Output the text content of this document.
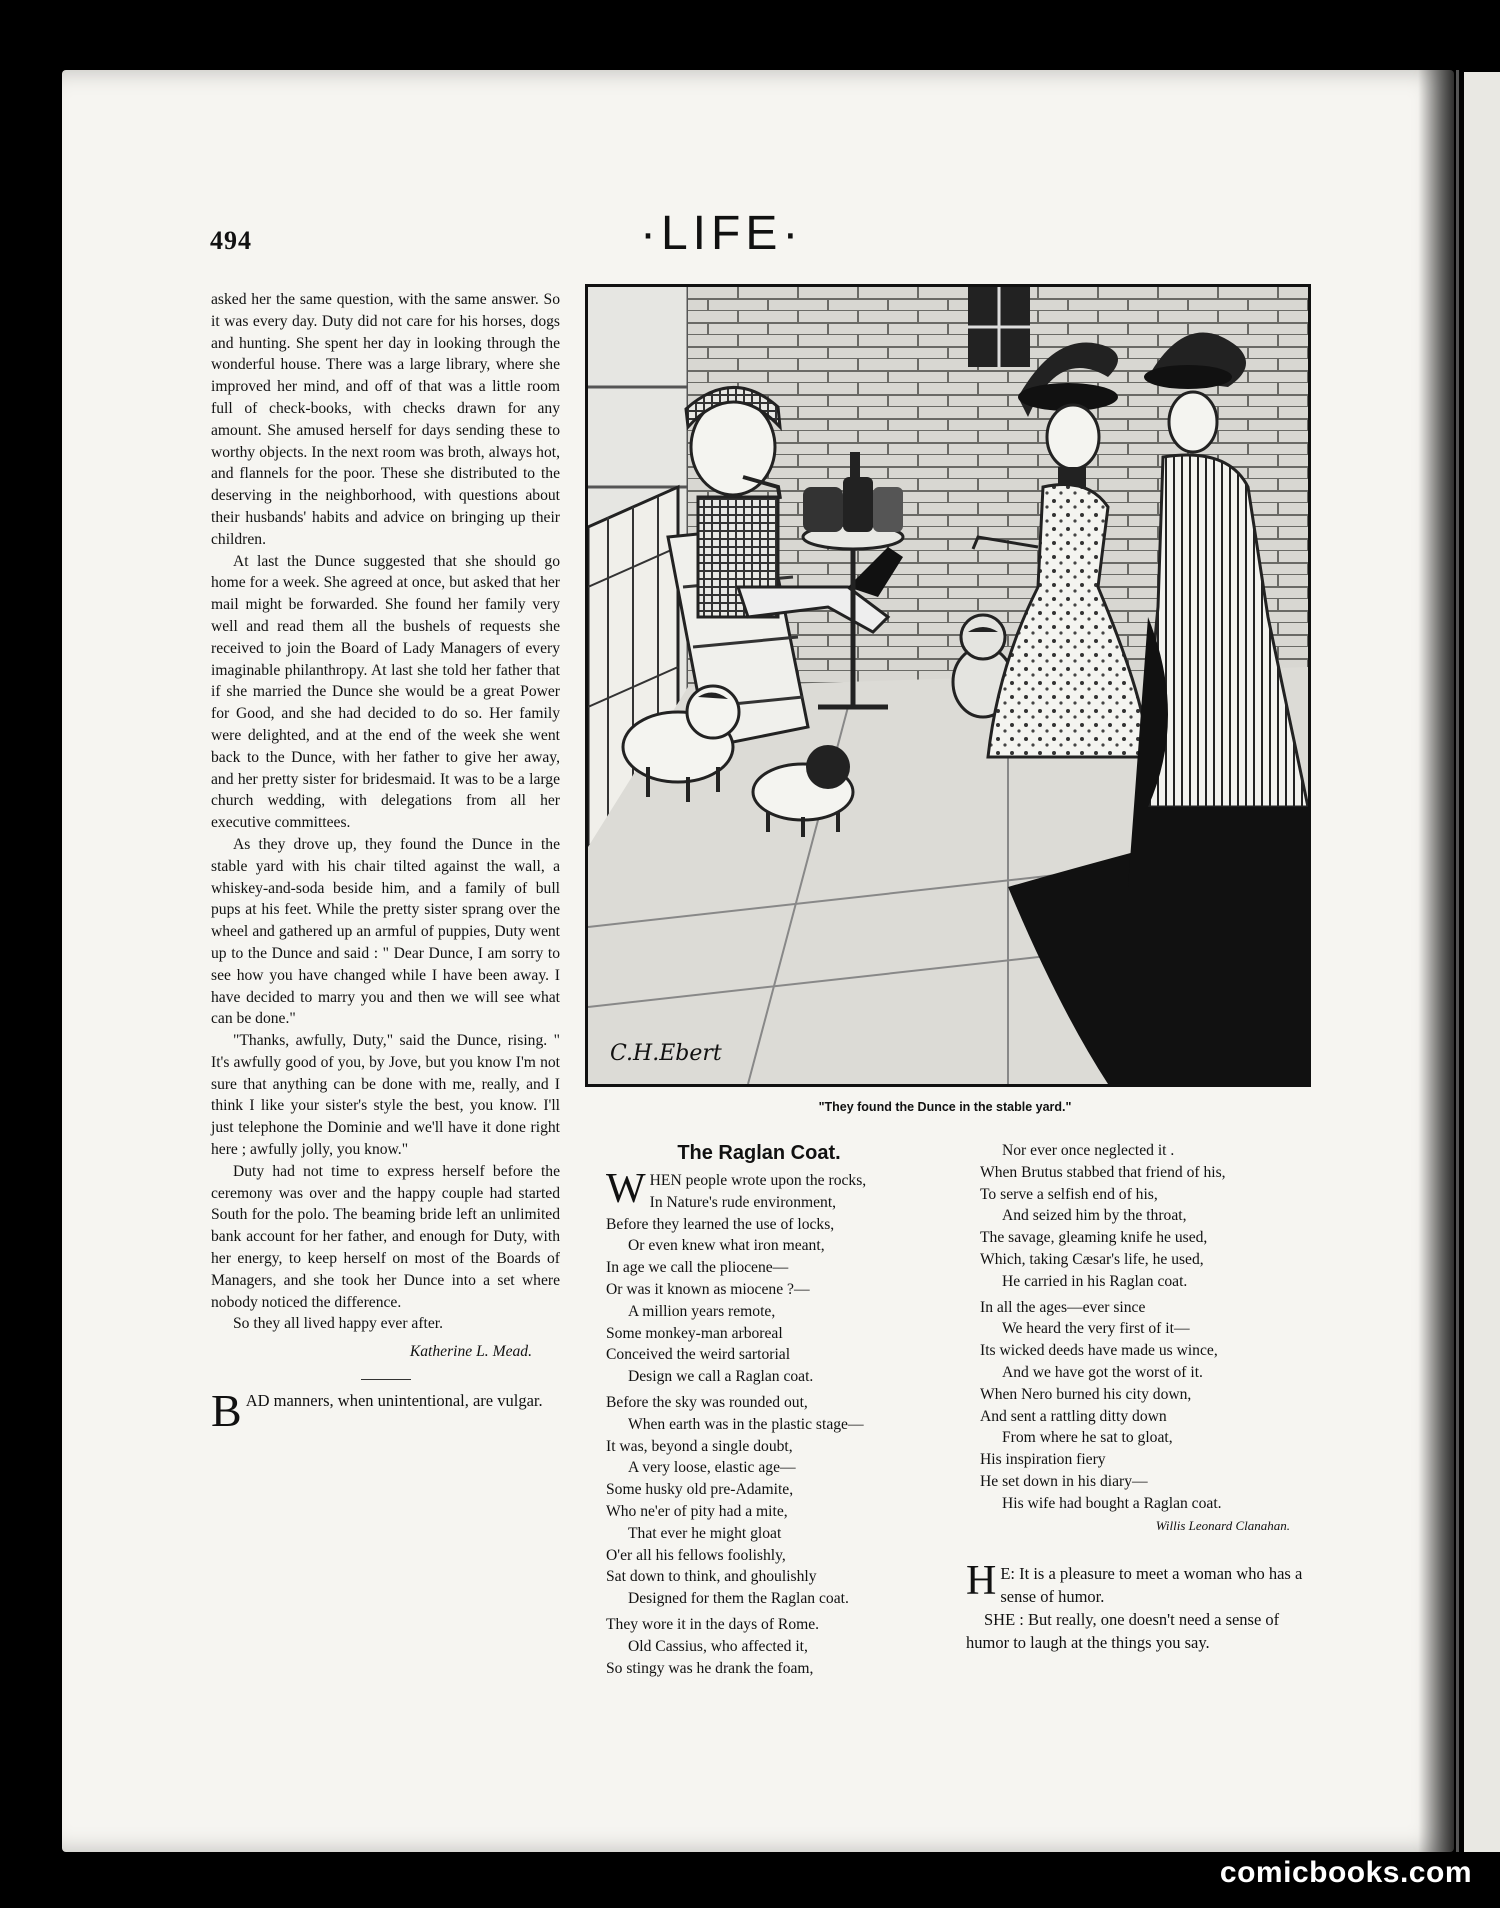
494	·LIFE·

asked her the same question, with the same answer. So it was every day. Duty did not care for his horses, dogs and hunting. She spent her day in looking through the wonderful house. There was a large library, where she improved her mind, and off of that was a little room full of check-books, with checks drawn for any amount. She amused herself for days sending these to worthy objects. In the next room was broth, always hot, and flannels for the poor. These she distributed to the deserving in the neighborhood, with questions about their husbands' habits and advice on bringing up their children.

At last the Dunce suggested that she should go home for a week. She agreed at once, but asked that her mail might be forwarded. She found her family very well and read them all the bushels of requests she received to join the Board of Lady Managers of every imaginable philanthropy. At last she told her father that if she married the Dunce she would be a great Power for Good, and she had decided to do so. Her family were delighted, and at the end of the week she went back to the Dunce, with her father to give her away, and her pretty sister for bridesmaid. It was to be a large church wedding, with delegations from all her executive committees.

As they drove up, they found the Dunce in the stable yard with his chair tilted against the wall, a whiskey-and-soda beside him, and a family of bull pups at his feet. While the pretty sister sprang over the wheel and gathered up an armful of puppies, Duty went up to the Dunce and said : " Dear Dunce, I am sorry to see how you have changed while I have been away. I have decided to marry you and then we will see what can be done."

"Thanks, awfully, Duty," said the Dunce, rising. " It's awfully good of you, by Jove, but you know I'm not sure that anything can be done with me, really, and I think I like your sister's style the best, you know. I'll just telephone the Dominie and we'll have it done right here ; awfully jolly, you know."

Duty had not time to express herself before the ceremony was over and the happy couple had started South for the polo. The beaming bride left an unlimited bank account for her father, and enough for Duty, with her energy, to keep herself on most of the Boards of Managers, and she took her Dunce into a set where nobody noticed the difference.

So they all lived happy ever after.

Katherine L. Mead.
B AD manners, when unintentional, are vulgar.
C.H.Ebert
"They found the Dunce in the stable yard."
The Raglan Coat.
W HEN people wrote upon the rocks,
In Nature's rude environment,
Before they learned the use of locks,
Or even knew what iron meant,
In age we call the pliocene—
Or was it known as miocene ?—
A million years remote,
Some monkey-man arboreal
Conceived the weird sartorial
Design we call a Raglan coat.
Before the sky was rounded out,
When earth was in the plastic stage—
It was, beyond a single doubt,
A very loose, elastic age—
Some husky old pre-Adamite,
Who ne'er of pity had a mite,
That ever he might gloat
O'er all his fellows foolishly,
Sat down to think, and ghoulishly
Designed for them the Raglan coat.
They wore it in the days of Rome.
Old Cassius, who affected it,
So stingy was he drank the foam,
Nor ever once neglected it .
When Brutus stabbed that friend of his,
To serve a selfish end of his,
And seized him by the throat,
The savage, gleaming knife he used,
Which, taking Cæsar's life, he used,
He carried in his Raglan coat.
In all the ages—ever since
We heard the very first of it—
Its wicked deeds have made us wince,
And we have got the worst of it.
When Nero burned his city down,
And sent a rattling ditty down
From where he sat to gloat,
His inspiration fiery
He set down in his diary—
His wife had bought a Raglan coat.
Willis Leonard Clanahan.
H E: It is a pleasure to meet a woman who has a sense of humor.
SHE : But really, one doesn't need a sense of humor to laugh at the things you say.
comicbooks.com
